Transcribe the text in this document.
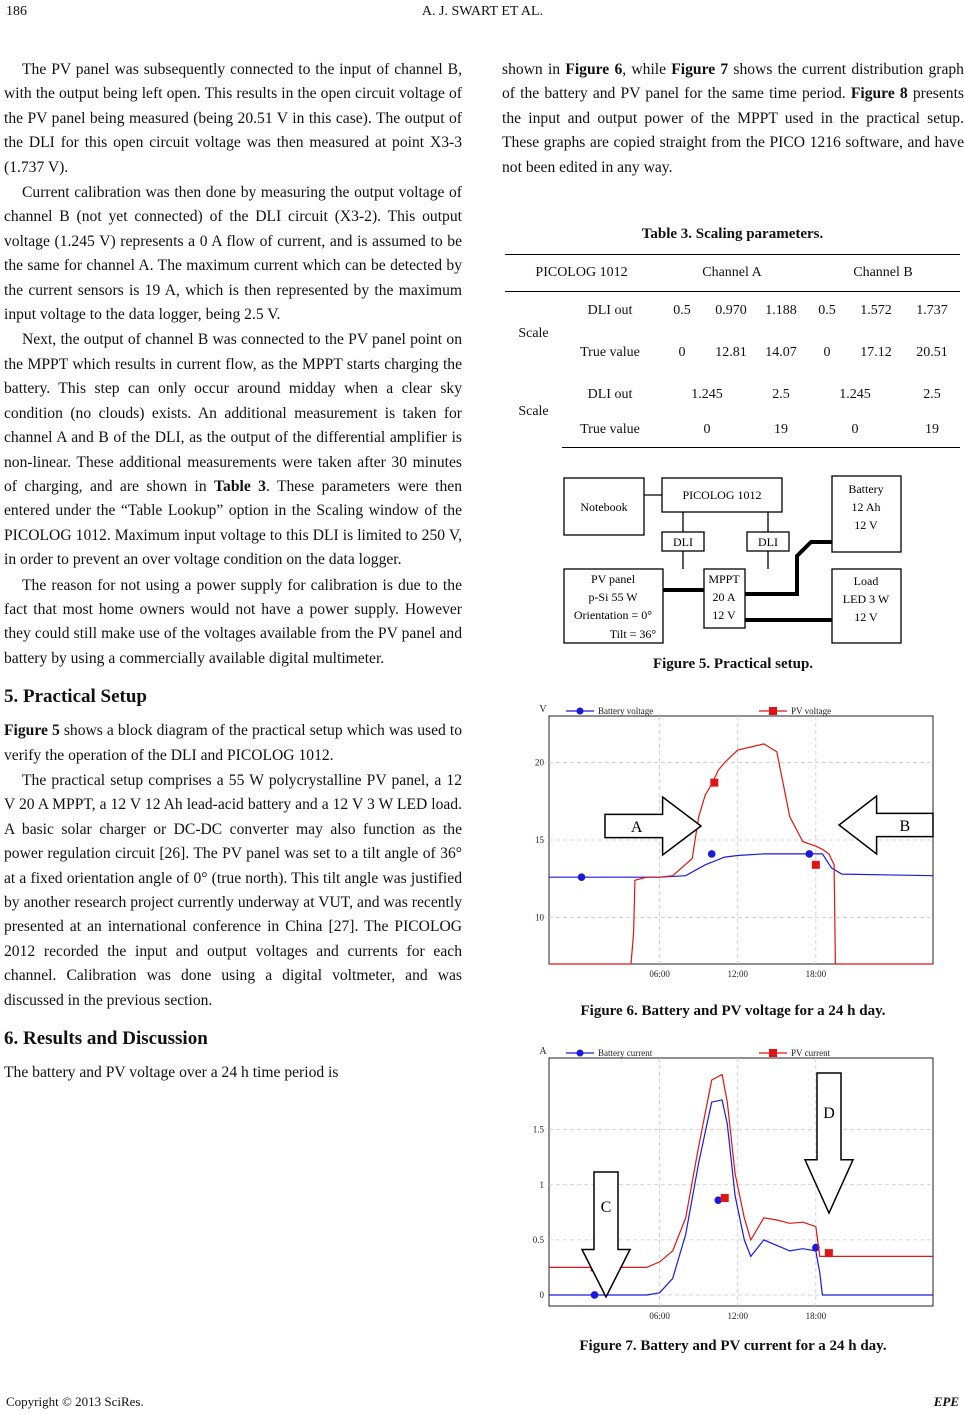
186	A. J. SWART ET AL.

The PV panel was subsequently connected to the input of channel B, with the output being left open. This results in the open circuit voltage of the PV panel being measured (being 20.51 V in this case). The output of the DLI for this open circuit voltage was then measured at point X3-3 (1.737 V).

Current calibration was then done by measuring the output voltage of channel B (not yet connected) of the DLI circuit (X3-2). This output voltage (1.245 V) represents a 0 A flow of current, and is assumed to be the same for channel A. The maximum current which can be detected by the current sensors is 19 A, which is then represented by the maximum input voltage to the data logger, being 2.5 V.

Next, the output of channel B was connected to the PV panel point on the MPPT which results in current flow, as the MPPT starts charging the battery. This step can only occur around midday when a clear sky condition (no clouds) exists. An additional measurement is taken for channel A and B of the DLI, as the output of the differential amplifier is non-linear. These additional measurements were taken after 30 minutes of charging, and are shown in Table 3. These parameters were then entered under the “Table Lookup” option in the Scaling window of the PICOLOG 1012. Maximum input voltage to this DLI is limited to 250 V, in order to prevent an over voltage condition on the data logger.

The reason for not using a power supply for calibration is due to the fact that most home owners would not have a power supply. However they could still make use of the voltages available from the PV panel and battery by using a commercially available digital multimeter.

5. Practical Setup

Figure 5 shows a block diagram of the practical setup which was used to verify the operation of the DLI and PICOLOG 1012.

The practical setup comprises a 55 W polycrystalline PV panel, a 12 V 20 A MPPT, a 12 V 12 Ah lead-acid battery and a 12 V 3 W LED load. A basic solar charger or DC-DC converter may also function as the power regulation circuit [26]. The PV panel was set to a tilt angle of 36° at a fixed orientation angle of 0° (true north). This tilt angle was justified by another research project currently underway at VUT, and was recently presented at an international conference in China [27]. The PICOLOG 2012 recorded the input and output voltages and currents for each channel. Calibration was done using a digital voltmeter, and was discussed in the previous section.

6. Results and Discussion

The battery and PV voltage over a 24 h time period is

shown in Figure 6, while Figure 7 shows the current distribution graph of the battery and PV panel for the same time period. Figure 8 presents the input and output power of the MPPT used in the practical setup. These graphs are copied straight from the PICO 1216 software, and have not been edited in any way.

Table 3. Scaling parameters.
PICOLOG 1012		Channel A			Channel B		
Scale	DLI out	0.5	0.970	1.188	0.5	1.572	1.737
	True value	0	12.81	14.07	0	17.12	20.51
Scale	DLI out	1.245		2.5	1.245		2.5
	True value	0		19	0		19
Notebook
PICOLOG 1012
DLI	DLI
Battery
12 Ah
12 V
PV panel
p-Si 55 W
Orientation = 0°
Tilt = 36°
MPPT
20 A
12 V
Load
LED 3 W
12 V
Figure 5. Practical setup.
10
15
20
06:00	12:00	18:00
V	Battery voltage	PV voltage
A	B
Figure 6. Battery and PV voltage for a 24 h day.
0
0.5
1
1.5
06:00	12:00	18:00
A	Battery current	PV current
C
D
Figure 7. Battery and PV current for a 24 h day.
Copyright © 2013 SciRes.	EPE
